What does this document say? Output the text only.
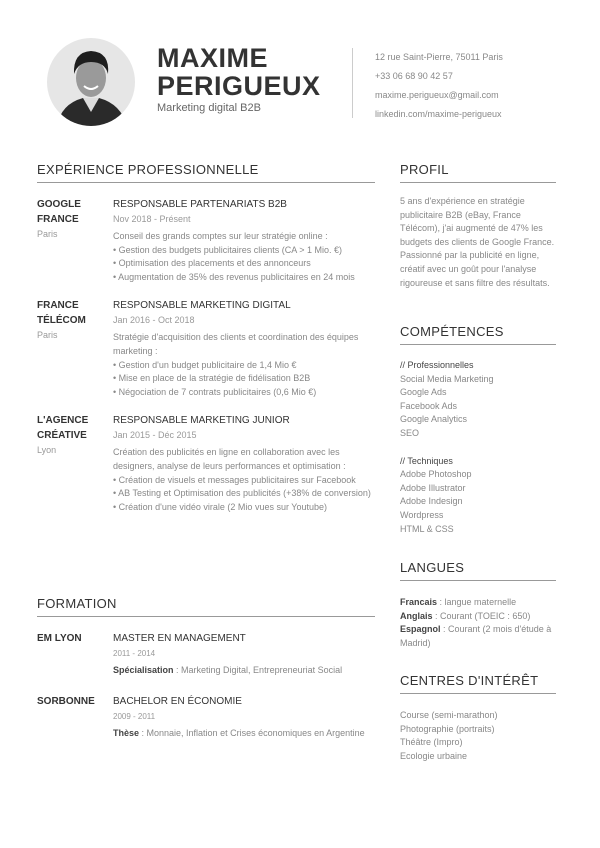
MAXIME
PERIGUEUX
Marketing digital B2B
12 rue Saint-Pierre, 75011 Paris
+33 06 68 90 42 57
maxime.perigueux@gmail.com
linkedin.com/maxime-perigueux
EXPÉRIENCE PROFESSIONNELLE
GOOGLE
FRANCE
Paris
RESPONSABLE PARTENARIATS B2B
Nov 2018 - Présent
Conseil des grands comptes sur leur stratégie online :
• Gestion des budgets publicitaires clients (CA > 1 Mio. €)
• Optimisation des placements et des annonceurs
• Augmentation de 35% des revenus publicitaires en 24 mois
FRANCE
TÉLÉCOM
Paris
RESPONSABLE MARKETING DIGITAL
Jan 2016 - Oct 2018
Stratégie d'acquisition des clients et coordination des équipes marketing :
• Gestion d'un budget publicitaire de 1,4 Mio €
• Mise en place de la stratégie de fidélisation B2B
• Négociation de 7 contrats publicitaires (0,6 Mio €)
L'AGENCE
CRÉATIVE
Lyon
RESPONSABLE MARKETING JUNIOR
Jan 2015 - Déc 2015
Création des publicités en ligne en collaboration avec les designers, analyse de leurs performances et optimisation :
• Création de visuels et messages publicitaires sur Facebook
• AB Testing et Optimisation des publicités (+38% de conversion)
• Création d'une vidéo virale (2 Mio vues sur Youtube)
FORMATION
EM LYON	MASTER EN MANAGEMENT
2011 - 2014
Spécialisation : Marketing Digital, Entrepreneuriat Social
SORBONNE	BACHELOR EN ÉCONOMIE
2009 - 2011
Thèse : Monnaie, Inflation et Crises économiques en Argentine
PROFIL
5 ans d'expérience en stratégie publicitaire B2B (eBay, France Télécom), j'ai augmenté de 47% les budgets des clients de Google France. Passionné par la publicité en ligne, créatif avec un goût pour l'analyse rigoureuse et sans filtre des résultats.
COMPÉTENCES
// Professionnelles
Social Media Marketing
Google Ads
Facebook Ads
Google Analytics
SEO
// Techniques
Adobe Photoshop
Adobe Illustrator
Adobe Indesign
Wordpress
HTML & CSS
LANGUES
Francais : langue maternelle
Anglais : Courant (TOEIC : 650)
Espagnol : Courant (2 mois d'étude à Madrid)
CENTRES D'INTÉRÊT
Course (semi-marathon)
Photographie (portraits)
Théâtre (Impro)
Ecologie urbaine
